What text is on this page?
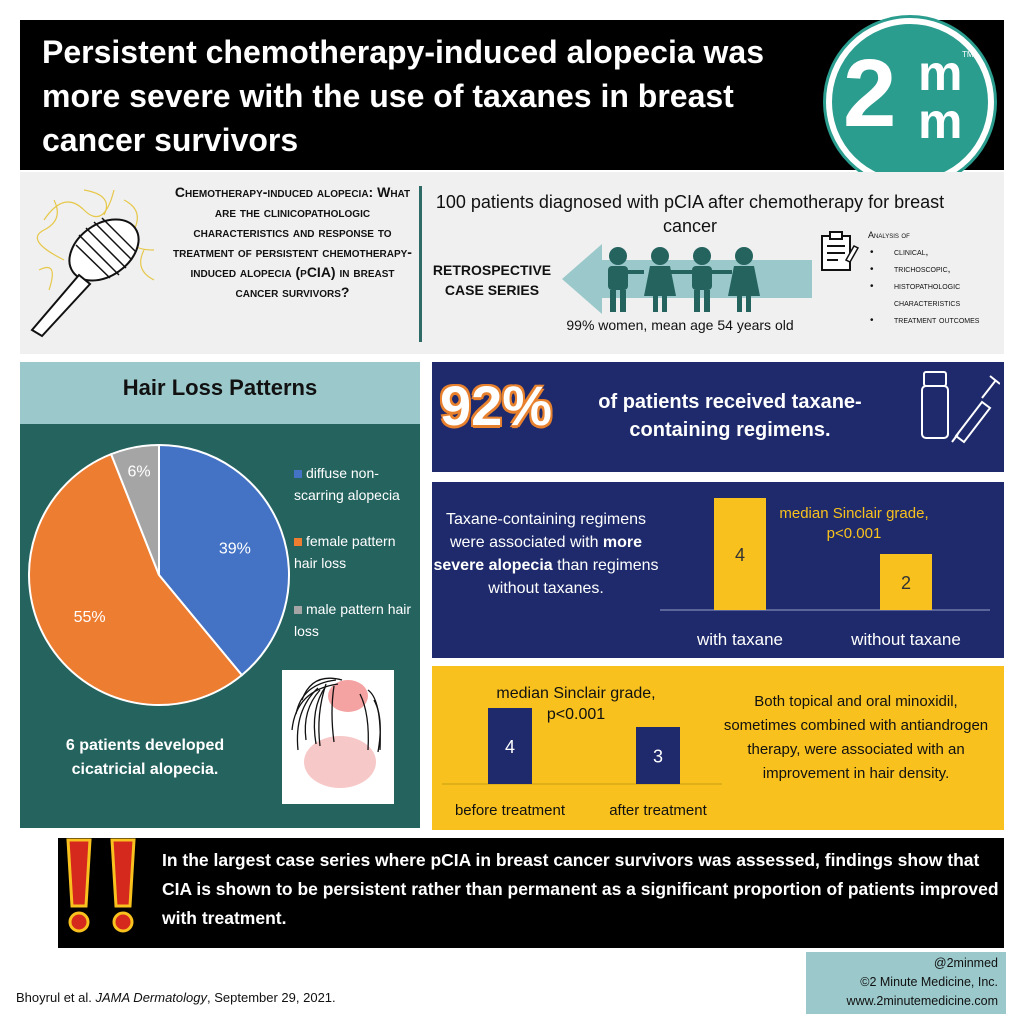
Persistent chemotherapy-induced alopecia was more severe with the use of taxanes in breast cancer survivors	2 m
m
TM
Chemotherapy-induced alopecia: What are the clinicopathologic characteristics and response to treatment of persistent chemotherapy-induced alopecia (pCIA) in breast cancer survivors?
100 patients diagnosed with pCIA after chemotherapy for breast cancer
RETROSPECTIVE CASE SERIES
99% women, mean age 54 years old
Analysis of
• clinical,
• trichoscopic,
• histopathologic characteristics
• treatment outcomes
Hair Loss Patterns
39%
55%
6%	diffuse non-scarring alopecia
female pattern hair loss
male pattern hair loss
6 patients developed cicatricial alopecia.
92%	of patients received taxane-containing regimens.
Taxane-containing regimens were associated with more severe alopecia than regimens without taxanes.
4
with taxane
2
without taxane
median Sinclair grade, p<0.001
4
before treatment
3
after treatment
median Sinclair grade, p<0.001
Both topical and oral minoxidil, sometimes combined with antiandrogen therapy, were associated with an improvement in hair density.
In the largest case series where pCIA in breast cancer survivors was assessed, findings show that CIA is shown to be persistent rather than permanent as a significant proportion of patients improved with treatment.
Bhoyrul et al. JAMA Dermatology, September 29, 2021.
@2minmed
©2 Minute Medicine, Inc.
www.2minutemedicine.com
